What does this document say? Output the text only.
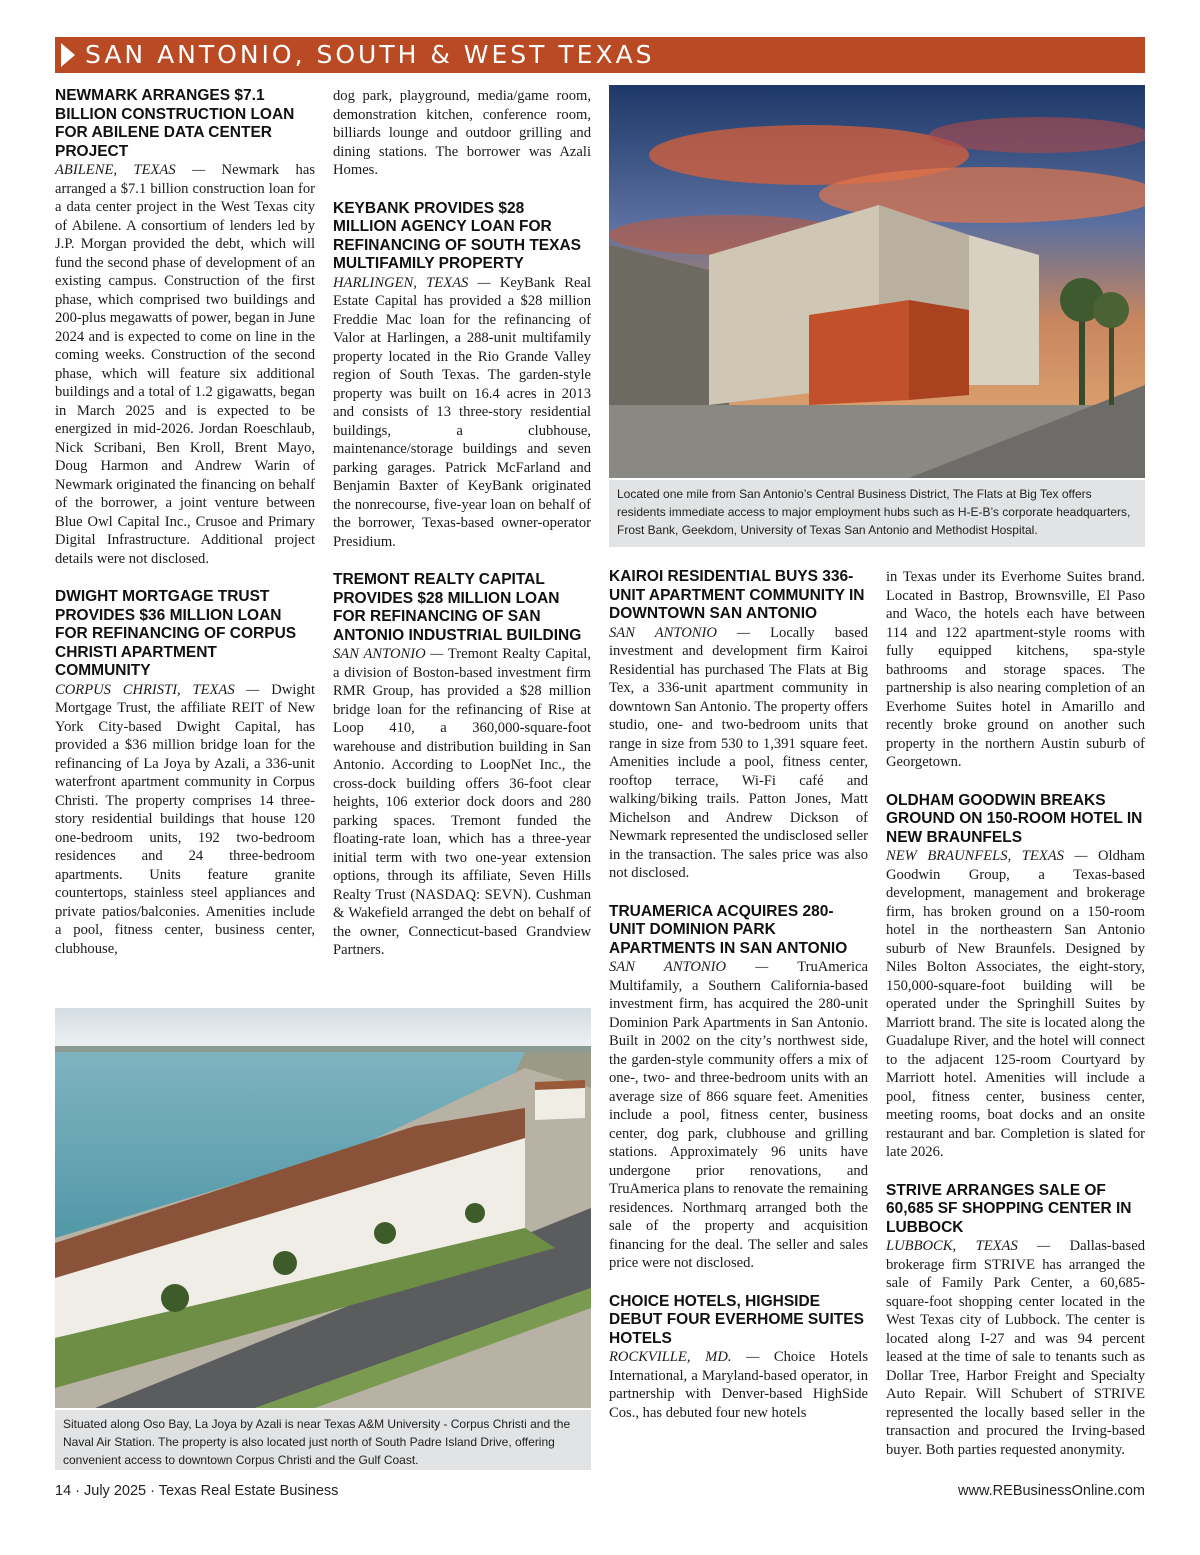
SAN ANTONIO, SOUTH & WEST TEXAS
NEWMARK ARRANGES $7.1 BILLION CONSTRUCTION LOAN FOR ABILENE DATA CENTER PROJECT

ABILENE, TEXAS — Newmark has arranged a $7.1 billion construction loan for a data center project in the West Texas city of Abilene. A consortium of lenders led by J.P. Morgan provided the debt, which will fund the second phase of development of an existing campus. Construction of the first phase, which comprised two buildings and 200-plus megawatts of power, began in June 2024 and is expected to come on line in the coming weeks. Construction of the second phase, which will feature six additional buildings and a total of 1.2 gigawatts, began in March 2025 and is expected to be energized in mid-2026. Jordan Roeschlaub, Nick Scribani, Ben Kroll, Brent Mayo, Doug Harmon and Andrew Warin of Newmark originated the financing on behalf of the borrower, a joint venture between Blue Owl Capital Inc., Crusoe and Primary Digital Infrastructure. Additional project details were not disclosed.

DWIGHT MORTGAGE TRUST PROVIDES $36 MILLION LOAN FOR REFINANCING OF CORPUS CHRISTI APARTMENT COMMUNITY

CORPUS CHRISTI, TEXAS — Dwight Mortgage Trust, the affiliate REIT of New York City-based Dwight Capital, has provided a $36 million bridge loan for the refinancing of La Joya by Azali, a 336-unit waterfront apartment community in Corpus Christi. The property comprises 14 three-story residential buildings that house 120 one-bedroom units, 192 two-bedroom residences and 24 three-bedroom apartments. Units feature granite countertops, stainless steel appliances and private patios/balconies. Amenities include a pool, fitness center, business center, clubhouse,

dog park, playground, media/game room, demonstration kitchen, conference room, billiards lounge and outdoor grilling and dining stations. The borrower was Azali Homes.

KEYBANK PROVIDES $28 MILLION AGENCY LOAN FOR REFINANCING OF SOUTH TEXAS MULTIFAMILY PROPERTY

HARLINGEN, TEXAS — KeyBank Real Estate Capital has provided a $28 million Freddie Mac loan for the refinancing of Valor at Harlingen, a 288-unit multifamily property located in the Rio Grande Valley region of South Texas. The garden-style property was built on 16.4 acres in 2013 and consists of 13 three-story residential buildings, a clubhouse, maintenance/storage buildings and seven parking garages. Patrick McFarland and Benjamin Baxter of KeyBank originated the nonrecourse, five-year loan on behalf of the borrower, Texas-based owner-operator Presidium.

TREMONT REALTY CAPITAL PROVIDES $28 MILLION LOAN FOR REFINANCING OF SAN ANTONIO INDUSTRIAL BUILDING

SAN ANTONIO — Tremont Realty Capital, a division of Boston-based investment firm RMR Group, has provided a $28 million bridge loan for the refinancing of Rise at Loop 410, a 360,000-square-foot warehouse and distribution building in San Antonio. According to LoopNet Inc., the cross-dock building offers 36-foot clear heights, 106 exterior dock doors and 280 parking spaces. Tremont funded the floating-rate loan, which has a three-year initial term with two one-year extension options, through its affiliate, Seven Hills Realty Trust (NASDAQ: SEVN). Cushman & Wakefield arranged the debt on behalf of the owner, Connecticut-based Grandview Partners.

Located one mile from San Antonio’s Central Business District, The Flats at Big Tex offers residents immediate access to major employment hubs such as H-E-B’s corporate headquarters, Frost Bank, Geekdom, University of Texas San Antonio and Methodist Hospital.
KAIROI RESIDENTIAL BUYS 336-UNIT APARTMENT COMMUNITY IN DOWNTOWN SAN ANTONIO

SAN ANTONIO — Locally based investment and development firm Kairoi Residential has purchased The Flats at Big Tex, a 336-unit apartment community in downtown San Antonio. The property offers studio, one- and two-bedroom units that range in size from 530 to 1,391 square feet. Amenities include a pool, fitness center, rooftop terrace, Wi-Fi café and walking/biking trails. Patton Jones, Matt Michelson and Andrew Dickson of Newmark represented the undisclosed seller in the transaction. The sales price was also not disclosed.

TRUAMERICA ACQUIRES 280-UNIT DOMINION PARK APARTMENTS IN SAN ANTONIO

SAN ANTONIO — TruAmerica Multifamily, a Southern California-based investment firm, has acquired the 280-unit Dominion Park Apartments in San Antonio. Built in 2002 on the city’s northwest side, the garden-style community offers a mix of one-, two- and three-bedroom units with an average size of 866 square feet. Amenities include a pool, fitness center, business center, dog park, clubhouse and grilling stations. Approximately 96 units have undergone prior renovations, and TruAmerica plans to renovate the remaining residences. Northmarq arranged both the sale of the property and acquisition financing for the deal. The seller and sales price were not disclosed.

CHOICE HOTELS, HIGHSIDE DEBUT FOUR EVERHOME SUITES HOTELS

ROCKVILLE, MD. — Choice Hotels International, a Maryland-based operator, in partnership with Denver-based HighSide Cos., has debuted four new hotels

in Texas under its Everhome Suites brand. Located in Bastrop, Brownsville, El Paso and Waco, the hotels each have between 114 and 122 apartment-style rooms with fully equipped kitchens, spa-style bathrooms and storage spaces. The partnership is also nearing completion of an Everhome Suites hotel in Amarillo and recently broke ground on another such property in the northern Austin suburb of Georgetown.

OLDHAM GOODWIN BREAKS GROUND ON 150-ROOM HOTEL IN NEW BRAUNFELS

NEW BRAUNFELS, TEXAS — Oldham Goodwin Group, a Texas-based development, management and brokerage firm, has broken ground on a 150-room hotel in the northeastern San Antonio suburb of New Braunfels. Designed by Niles Bolton Associates, the eight-story, 150,000-square-foot building will be operated under the Springhill Suites by Marriott brand. The site is located along the Guadalupe River, and the hotel will connect to the adjacent 125-room Courtyard by Marriott hotel. Amenities will include a pool, fitness center, business center, meeting rooms, boat docks and an onsite restaurant and bar. Completion is slated for late 2026.

STRIVE ARRANGES SALE OF 60,685 SF SHOPPING CENTER IN LUBBOCK

LUBBOCK, TEXAS — Dallas-based brokerage firm STRIVE has arranged the sale of Family Park Center, a 60,685-square-foot shopping center located in the West Texas city of Lubbock. The center is located along I-27 and was 94 percent leased at the time of sale to tenants such as Dollar Tree, Harbor Freight and Specialty Auto Repair. Will Schubert of STRIVE represented the locally based seller in the transaction and procured the Irving-based buyer. Both parties requested anonymity.

Situated along Oso Bay, La Joya by Azali is near Texas A&M University - Corpus Christi and the Naval Air Station. The property is also located just north of South Padre Island Drive, offering convenient access to downtown Corpus Christi and the Gulf Coast.
14 · July 2025 · Texas Real Estate Business	www.REBusinessOnline.com
